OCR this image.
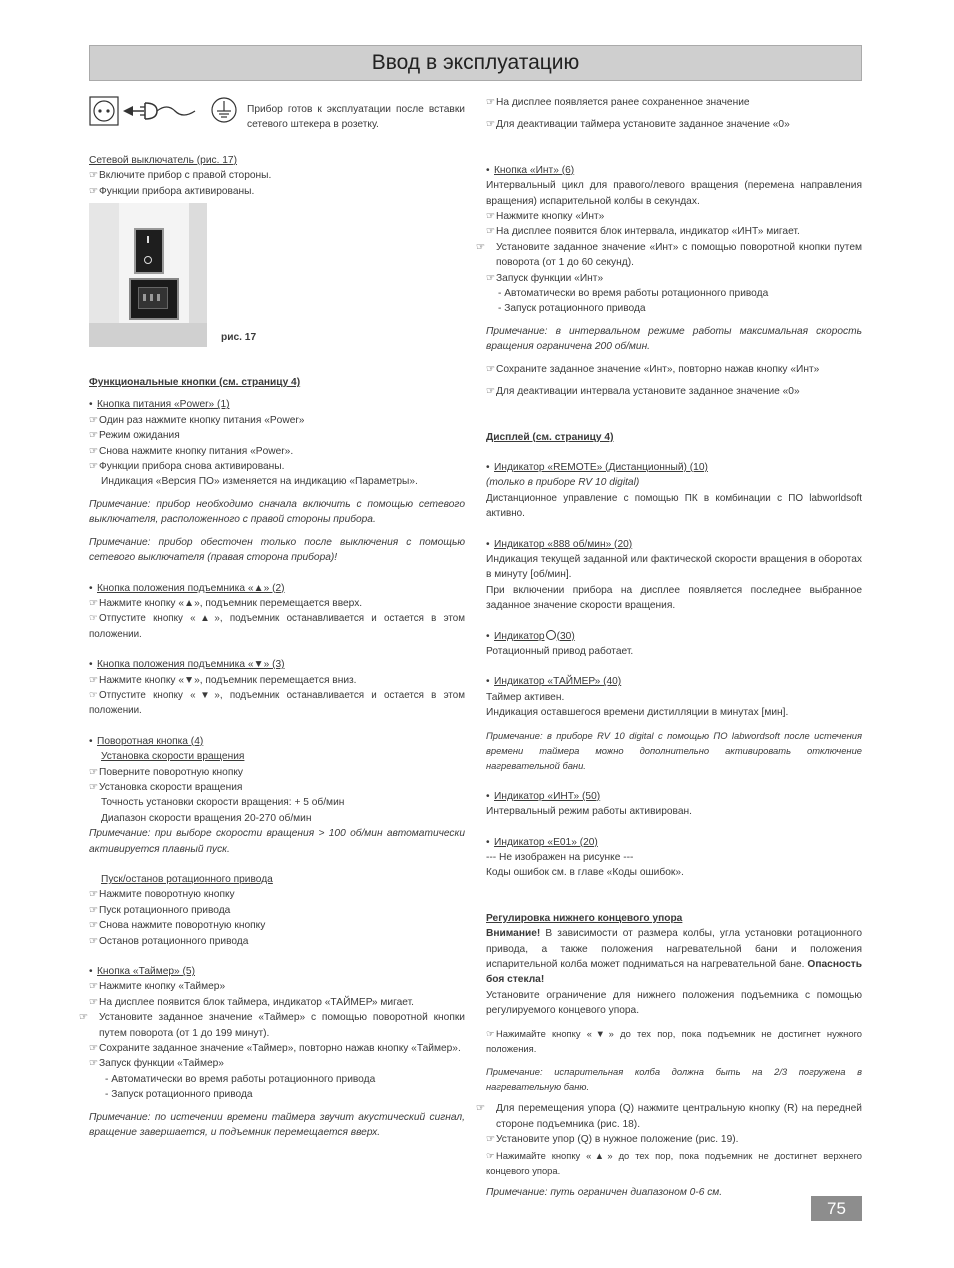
Ввод в эксплуатацию

Прибор готов к эксплуатации после вставки сетевого штекера в розетку.

Сетевой выключатель (рис. 17)

☞Включите прибор с правой стороны.

☞Функции прибора активированы.

рис. 17

Функциональные кнопки (см. страницу 4)

• Кнопка питания «Power» (1)

☞Один раз нажмите кнопку питания «Power»

☞Режим ожидания

☞Снова нажмите кнопку питания «Power».

☞Функции прибора снова активированы.

Индикация «Версия ПО» изменяется на индикацию «Параметры».

Примечание: прибор необходимо сначала включить с помощью сетевого выключателя, расположенного с правой стороны прибора.

Примечание: прибор обесточен только после выключения с помощью сетевого выключателя (правая сторона прибора)!

• Кнопка положения подъемника «▲» (2)

☞Нажмите кнопку «▲», подъемник перемещается вверх.

☞Отпустите кнопку «▲», подъемник останавливается и остается в этом положении.

• Кнопка положения подъемника «▼» (3)

☞Нажмите кнопку «▼», подъемник перемещается вниз.

☞Отпустите кнопку «▼», подъемник останавливается и остается в этом положении.

• Поворотная кнопка (4)

Установка скорости вращения

☞Поверните поворотную кнопку

☞Установка скорости вращения

Точность установки скорости вращения: + 5 об/мин

Диапазон скорости вращения 20-270 об/мин

Примечание: при выборе скорости вращения > 100 об/мин автоматически активируется плавный пуск.

Пуск/останов ротационного привода

☞Нажмите поворотную кнопку

☞Пуск ротационного привода

☞Снова нажмите поворотную кнопку

☞Останов ротационного привода

• Кнопка «Таймер» (5)

☞Нажмите кнопку «Таймер»

☞На дисплее появится блок таймера, индикатор «ТАЙМЕР» мигает.

☞ Установите заданное значение «Таймер» с помощью поворотной кнопки путем поворота (от 1 до 199 минут).

☞Сохраните заданное значение «Таймер», повторно нажав кнопку «Таймер».

☞Запуск функции «Таймер»

- Автоматически во время работы ротационного привода

- Запуск ротационного привода

Примечание: по истечении времени таймера звучит акустический сигнал, вращение завершается, и подъемник перемещается вверх.

☞На дисплее появляется ранее сохраненное значение

☞Для деактивации таймера установите заданное значение «0»

• Кнопка «Инт» (6)

Интервальный цикл для правого/левого вращения (перемена направления вращения) испарительной колбы в секундах.

☞Нажмите кнопку «Инт»

☞На дисплее появится блок интервала, индикатор «ИНТ» мигает.

☞ Установите заданное значение «Инт» с помощью поворотной кнопки путем поворота (от 1 до 60 секунд).

☞Запуск функции «Инт»

- Автоматически во время работы ротационного привода

- Запуск ротационного привода

Примечание: в интервальном режиме работы максимальная скорость вращения ограничена 200 об/мин.

☞Сохраните заданное значение «Инт», повторно нажав кнопку «Инт»

☞Для деактивации интервала установите заданное значение «0»

Дисплей (см. страницу 4)

• Индикатор «REMOTE» (Дистанционный) (10)

(только в приборе RV 10 digital)

Дистанционное управление с помощью ПК в комбинации с ПО labworldsoft активно.

• Индикатор «888 об/мин» (20)

Индикация текущей заданной или фактической скорости вращения в оборотах в минуту [об/мин].

При включении прибора на дисплее появляется последнее выбранное заданное значение скорости вращения.

• Индикатор (30)

Ротационный привод работает.

• Индикатор «ТАЙМЕР» (40)

Таймер активен.

Индикация оставшегося времени дистилляции в минутах [мин].

Примечание: в приборе RV 10 digital с помощью ПО labwordsoft после истечения времени таймера можно дополнительно активировать отключение нагревательной бани.

• Индикатор «ИНТ» (50)

Интервальный режим работы активирован.

• Индикатор «E01» (20)

--- Не изображен на рисунке ---

Коды ошибок см. в главе «Коды ошибок».

Регулировка нижнего концевого упора

Внимание! В зависимости от размера колбы, угла установки ротационного привода, а также положения нагревательной бани и положения испарительной колба может подниматься на нагревательной бане. Опасность боя стекла!

Установите ограничение для нижнего положения подъемника с помощью регулируемого концевого упора.

☞ Нажимайте кнопку «▼» до тех пор, пока подъемник не достигнет нужного положения.

Примечание: испарительная колба должна быть на 2/3 погружена в нагревательную баню.

☞ Для перемещения упора (Q) нажмите центральную кнопку (R) на передней стороне подъемника (рис. 18).

☞Установите упор (Q) в нужное положение (рис. 19).

☞ Нажимайте кнопку «▲» до тех пор, пока подъемник не достигнет верхнего концевого упора.

Примечание: путь ограничен диапазоном 0-6 см.

75
